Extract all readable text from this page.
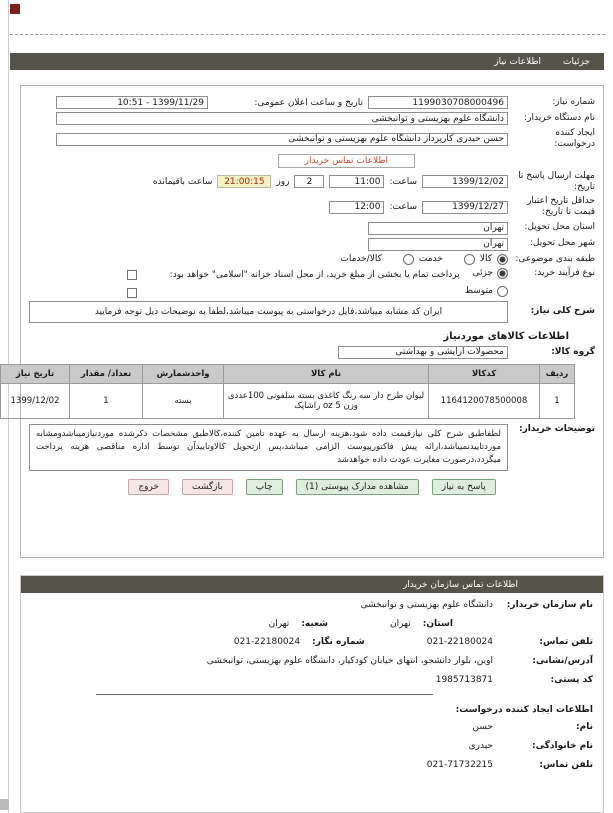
جزئیات
اطلاعات نیاز
شماره نیاز:
1199030708000496
تاریخ و ساعت اعلان عمومی:
1399/11/29 - 10:51
نام دستگاه خریدار:
دانشگاه علوم بهزیستی و توانبخشی
ایجاد کننده درخواست:
حسن حیدری کارپرداز دانشگاه علوم بهزیستی و توانبخشی
اطلاعات تماس خریدار
مهلت ارسال پاسخ تا تاریخ:
1399/12/02
ساعت:
11:00
2
روز
21:00:15
ساعت باقیمانده
حداقل تاریخ اعتبار قیمت تا تاریخ:
1399/12/27
ساعت:
12:00
استان محل تحویل:
تهران
شهر محل تحویل:
تهران
طبقه بندی موضوعی:
کالا
خدمت
کالا/خدمات
نوع فرآیند خرید:
جزئی
متوسط
پرداخت تمام یا بخشی از مبلغ خرید، از محل اسناد خزانه "اسلامی" خواهد بود:
شرح کلی نیاز:
ایران کد مشابه میباشد،فایل درخواستی به پیوست میباشد،لطفا به توضیحات ذیل توجه فرمایید
اطلاعات کالاهای موردنیاز
گروه کالا:
محصولات آرایشی و بهداشتی
ردیف	کدکالا	نام کالا	واحدشمارش	تعداد/ مقدار	تاریخ نیاز
1	1164120078500008	لیوان طرح دار سه رنگ کاغذی بسته سلفونی 100عددی وزن 5 oz راشاپک	بسته	1	1399/12/02
توضیحات خریدار:
لطفاطبق شرح کلی نیازقیمت داده شود،هزینه ارسال به عهده تامین کننده،کالاطبق مشخصات ذکرشده موردنیازمیباشدومشابه موردتاییدنمیباشد،ارائه پیش فاکتورپیوست الزامی میباشد،پس ازتحویل کالاوتاییدآن توسط اداره مناقصی هزینه پرداخت میگردد،درصورت مغایرت عودت داده خواهدشد
پاسخ به نیاز
مشاهده مدارک پیوستی (1)
چاپ
بازگشت
خروج
اطلاعات تماس سازمان خریدار
نام سازمان خریدار:
دانشگاه علوم بهزیستی و توانبخشی
استان:
تهران
شعبه:
تهران
تلفن تماس:
021-22180024
شماره نگار:
021-22180024
آدرس/نشانی:
اوین، بلوار دانشجو، انتهای خیابان کودکیار، دانشگاه علوم بهزیستی، توانبخشی
کد پستی:
1985713871
اطلاعات ایجاد کننده درخواست:
نام:
حسن
نام خانوادگی:
حیدری
تلفن تماس:
021-71732215
